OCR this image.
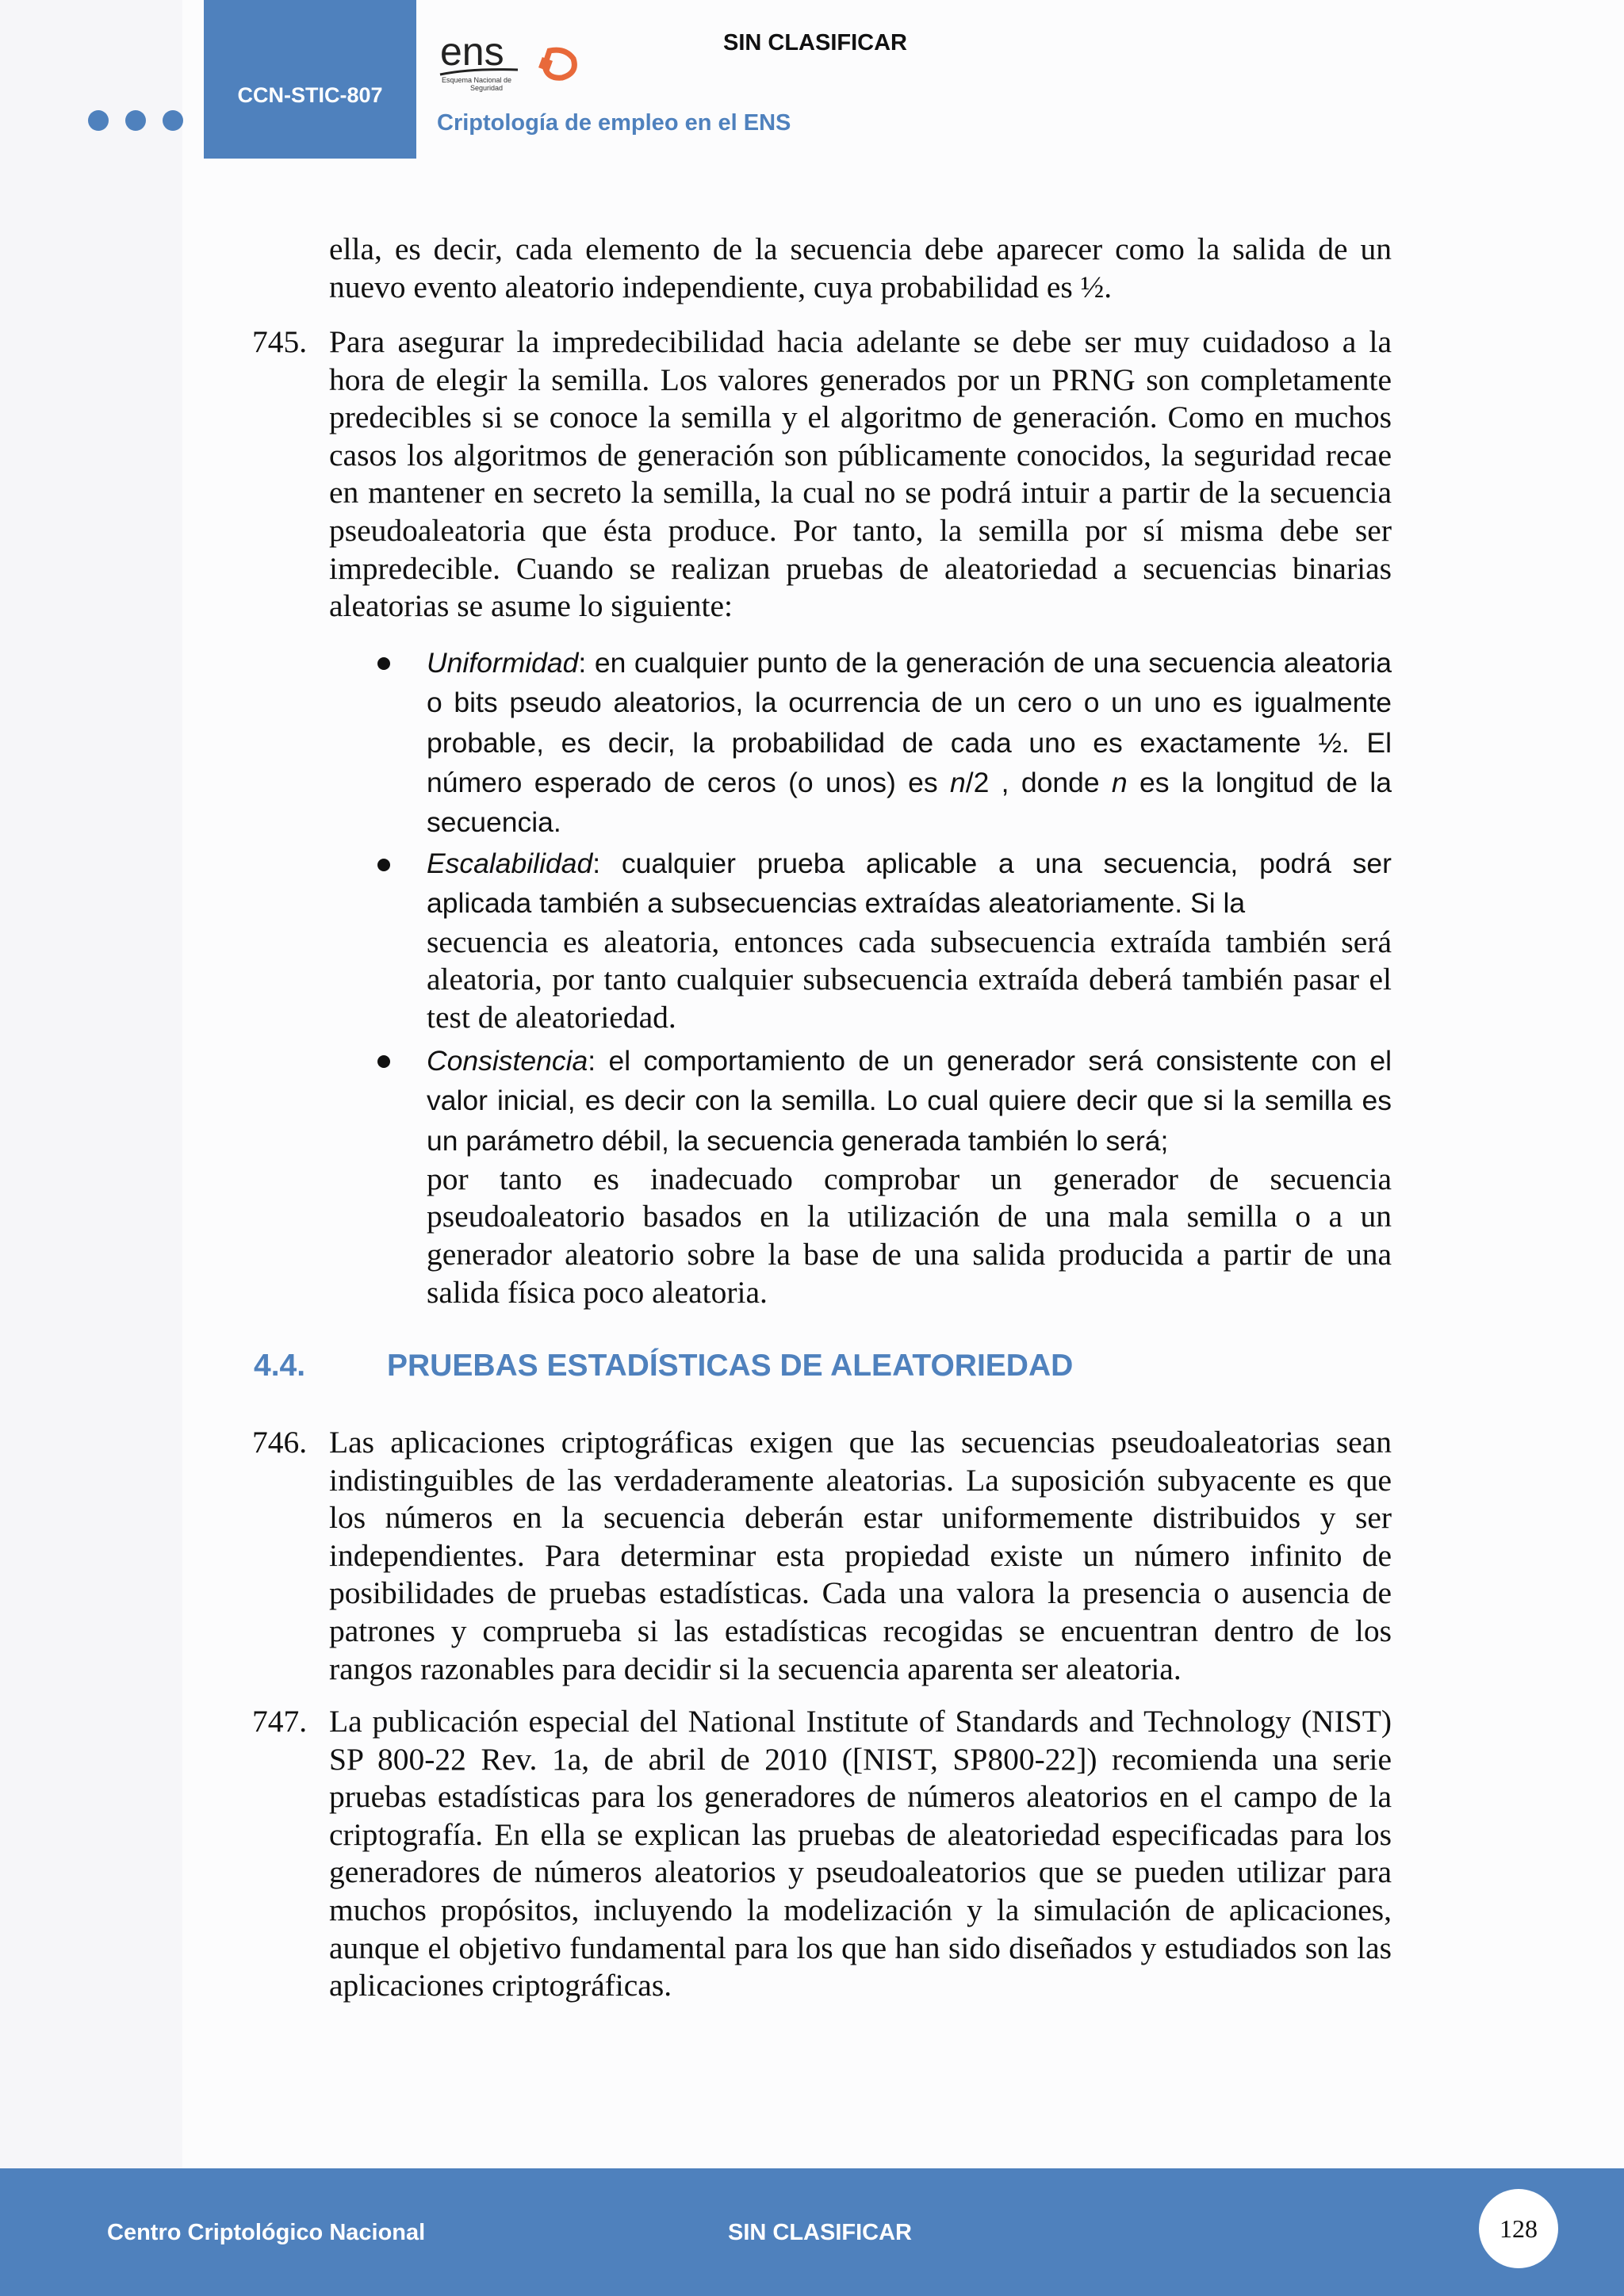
CCN-STIC-807
ens
Esquema Nacional de
Seguridad
SIN CLASIFICAR
Criptología de empleo en el ENS
ella, es decir, cada elemento de la secuencia debe aparecer como la salida de un nuevo evento aleatorio independiente, cuya probabilidad es ½.
745. Para asegurar la impredecibilidad hacia adelante se debe ser muy cuidadoso a la hora de elegir la semilla. Los valores generados por un PRNG son completamente predecibles si se conoce la semilla y el algoritmo de generación. Como en muchos casos los algoritmos de generación son públicamente conocidos, la seguridad recae en mantener en secreto la semilla, la cual no se podrá intuir a partir de la secuencia pseudoaleatoria que ésta produce. Por tanto, la semilla por sí misma debe ser impredecible. Cuando se realizan pruebas de aleatoriedad a secuencias binarias aleatorias se asume lo siguiente:
Uniformidad: en cualquier punto de la generación de una secuencia aleatoria o bits pseudo aleatorios, la ocurrencia de un cero o un uno es igualmente probable, es decir, la probabilidad de cada uno es exactamente ½. El número esperado de ceros (o unos) es n/2 , donde n es la longitud de la secuencia.
Escalabilidad: cualquier prueba aplicable a una secuencia, podrá ser aplicada también a subsecuencias extraídas aleatoriamente. Si la
secuencia es aleatoria, entonces cada subsecuencia extraída también será aleatoria, por tanto cualquier subsecuencia extraída deberá también pasar el test de aleatoriedad.
Consistencia: el comportamiento de un generador será consistente con el valor inicial, es decir con la semilla. Lo cual quiere decir que si la semilla es un parámetro débil, la secuencia generada también lo será;
por tanto es inadecuado comprobar un generador de secuencia pseudoaleatorio basados en la utilización de una mala semilla o a un generador aleatorio sobre la base de una salida producida a partir de una salida física poco aleatoria.
4.4.	PRUEBAS ESTADÍSTICAS DE ALEATORIEDAD
746. Las aplicaciones criptográficas exigen que las secuencias pseudoaleatorias sean indistinguibles de las verdaderamente aleatorias. La suposición subyacente es que los números en la secuencia deberán estar uniformemente distribuidos y ser independientes. Para determinar esta propiedad existe un número infinito de posibilidades de pruebas estadísticas. Cada una valora la presencia o ausencia de patrones y comprueba si las estadísticas recogidas se encuentran dentro de los rangos razonables para decidir si la secuencia aparenta ser aleatoria.
747. La publicación especial del National Institute of Standards and Technology (NIST) SP 800-22 Rev. 1a, de abril de 2010 ([NIST, SP800-22]) recomienda una serie pruebas estadísticas para los generadores de números aleatorios en el campo de la criptografía. En ella se explican las pruebas de aleatoriedad especificadas para los generadores de números aleatorios y pseudoaleatorios que se pueden utilizar para muchos propósitos, incluyendo la modelización y la simulación de aplicaciones, aunque el objetivo fundamental para los que han sido diseñados y estudiados son las aplicaciones criptográficas.
Centro Criptológico Nacional	SIN CLASIFICAR	128
